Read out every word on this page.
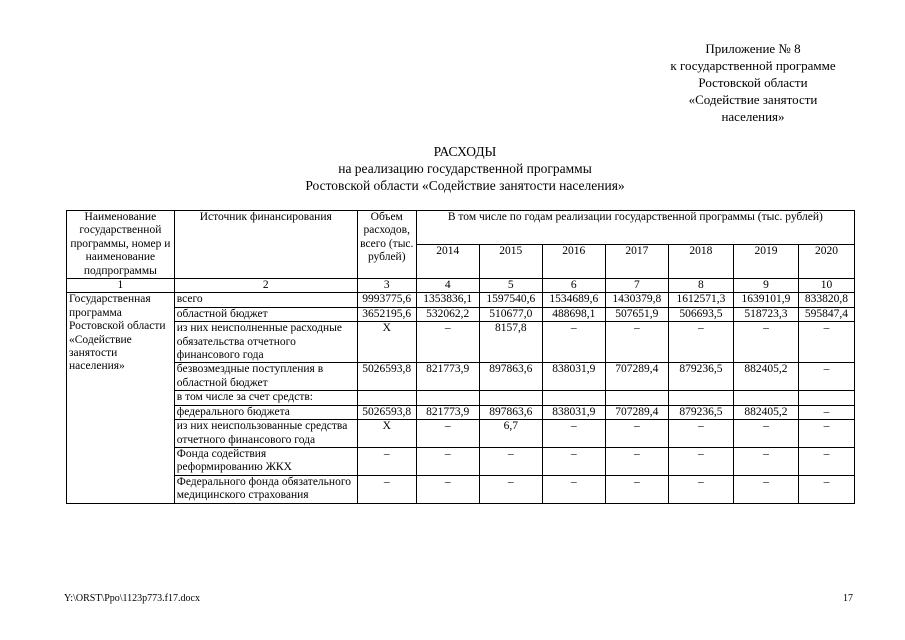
Приложение № 8
к государственной программе
Ростовской области
«Содействие занятости
населения»
РАСХОДЫ
на реализацию государственной программы
Ростовской области «Содействие занятости населения»
Наименование государственной программы, номер и наименование подпрограммы	Источник финансирования	Объем расходов, всего (тыс. рублей)	В том числе по годам реализации государственной программы (тыс. рублей)						
			2014	2015	2016	2017	2018	2019	2020
1	2	3	4	5	6	7	8	9	10
Государственная программа Ростовской области «Содействие занятости населения»	всего	9993775,6	1353836,1	1597540,6	1534689,6	1430379,8	1612571,3	1639101,9	833820,8
	областной бюджет	3652195,6	532062,2	510677,0	488698,1	507651,9	506693,5	518723,3	595847,4
	из них неисполненные расходные обязательства отчетного финансового года	Х	–	8157,8	–	–	–	–	–
	безвозмездные поступления в областной бюджет	5026593,8	821773,9	897863,6	838031,9	707289,4	879236,5	882405,2	–
	в том числе за счет средств:								
	федерального бюджета	5026593,8	821773,9	897863,6	838031,9	707289,4	879236,5	882405,2	–
	из них неиспользованные средства отчетного финансового года	Х	–	6,7	–	–	–	–	–
	Фонда содействия реформированию ЖКХ	–	–	–	–	–	–	–	–
	Федерального фонда обязательного медицинского страхования	–	–	–	–	–	–	–	–
Y:\ORST\Ppo\1123p773.f17.docx	17
